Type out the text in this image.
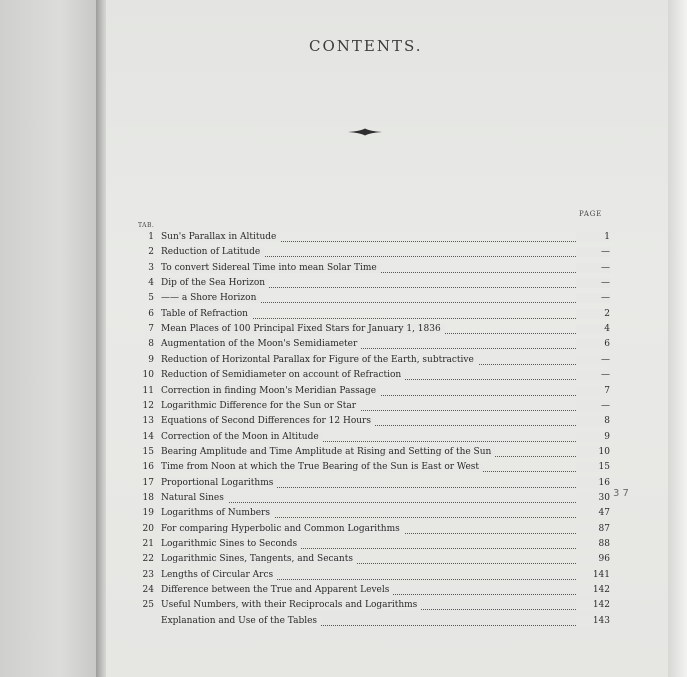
CONTENTS.
TAB.
PAGE
1 Sun's Parallax in Altitude	1
2 Reduction of Latitude	—
3 To convert Sidereal Time into mean Solar Time	—
4 Dip of the Sea Horizon	—
5 —— a Shore Horizon	—
6 Table of Refraction	2
7 Mean Places of 100 Principal Fixed Stars for January 1, 1836	4
8 Augmentation of the Moon's Semidiameter	6
9 Reduction of Horizontal Parallax for Figure of the Earth, subtractive	—
10 Reduction of Semidiameter on account of Refraction	—
11 Correction in finding Moon's Meridian Passage	7
12 Logarithmic Difference for the Sun or Star	—
13 Equations of Second Differences for 12 Hours	8
14 Correction of the Moon in Altitude	9
15 Bearing Amplitude and Time Amplitude at Rising and Setting of the Sun	10
16 Time from Noon at which the True Bearing of the Sun is East or West	15
17 Proportional Logarithms	16
18 Natural Sines	30
19 Logarithms of Numbers	47
20 For comparing Hyperbolic and Common Logarithms	87
21 Logarithmic Sines to Seconds	88
22 Logarithmic Sines, Tangents, and Secants	96
23 Lengths of Circular Arcs	141
24 Difference between the True and Apparent Levels	142
25 Useful Numbers, with their Reciprocals and Logarithms	142
Explanation and Use of the Tables	143
3 7
